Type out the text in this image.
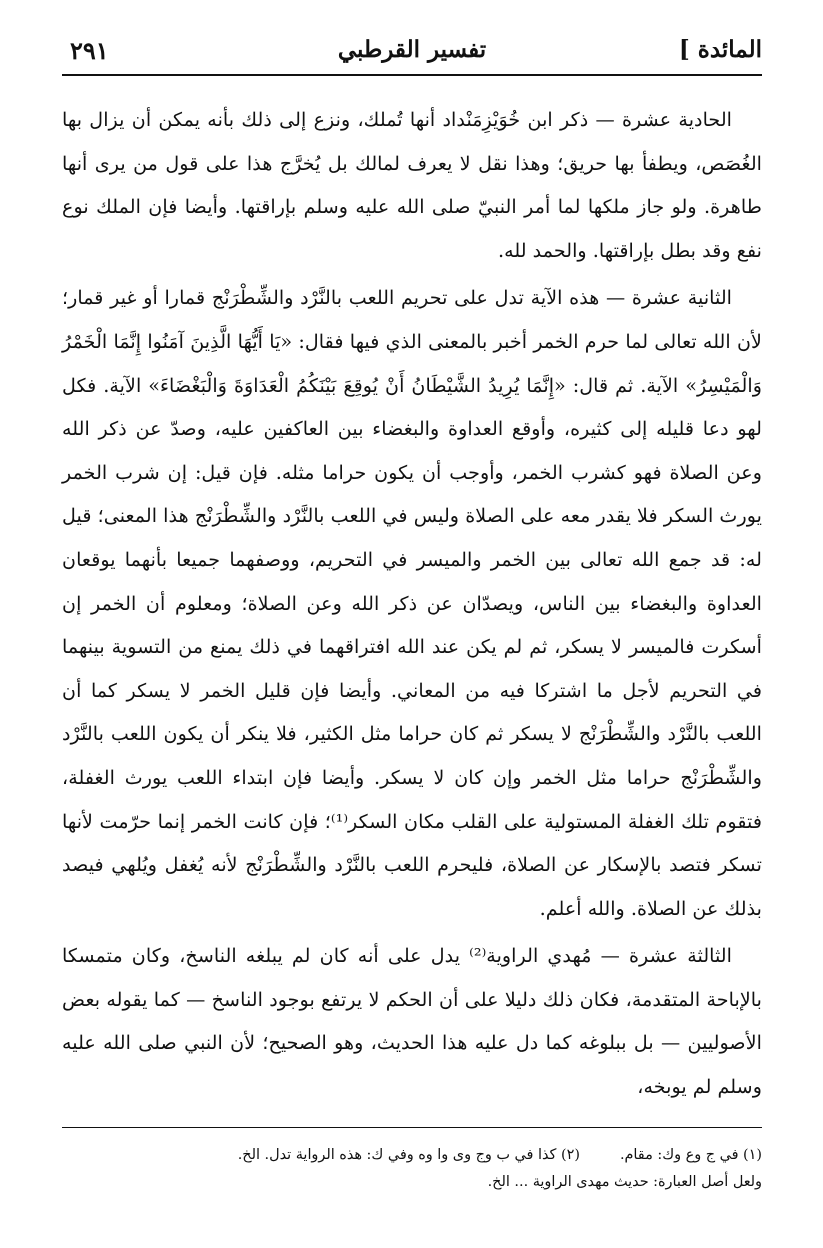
المائدة ]
تفسير القرطبي
٢٩١

الحادية عشرة — ذكر ابن خُوَيْزِمَنْداد أنها تُملك، ونزع إلى ذلك بأنه يمكن أن يزال بها الغُصَص، ويطفأ بها حريق؛ وهذا نقل لا يعرف لمالك بل يُخرَّج هذا على قول من يرى أنها طاهرة. ولو جاز ملكها لما أمر النبيّ صلى الله عليه وسلم بإراقتها. وأيضا فإن الملك نوع نفع وقد بطل بإراقتها. والحمد لله.

الثانية عشرة — هذه الآية تدل على تحريم اللعب بالنَّرْد والشِّطْرَنْج قمارا أو غير قمار؛ لأن الله تعالى لما حرم الخمر أخبر بالمعنى الذي فيها فقال: «يَا أَيُّهَا الَّذِينَ آمَنُوا إِنَّمَا الْخَمْرُ وَالْمَيْسِرُ» الآية. ثم قال: «إِنَّمَا يُرِيدُ الشَّيْطَانُ أَنْ يُوقِعَ بَيْنَكُمُ الْعَدَاوَةَ وَالْبَغْضَاءَ» الآية. فكل لهو دعا قليله إلى كثيره، وأوقع العداوة والبغضاء بين العاكفين عليه، وصدّ عن ذكر الله وعن الصلاة فهو كشرب الخمر، وأوجب أن يكون حراما مثله. فإن قيل: إن شرب الخمر يورث السكر فلا يقدر معه على الصلاة وليس في اللعب بالنَّرْد والشِّطْرَنْج هذا المعنى؛ قيل له: قد جمع الله تعالى بين الخمر والميسر في التحريم، ووصفهما جميعا بأنهما يوقعان العداوة والبغضاء بين الناس، ويصدّان عن ذكر الله وعن الصلاة؛ ومعلوم أن الخمر إن أسكرت فالميسر لا يسكر، ثم لم يكن عند الله افتراقهما في ذلك يمنع من التسوية بينهما في التحريم لأجل ما اشتركا فيه من المعاني. وأيضا فإن قليل الخمر لا يسكر كما أن اللعب بالنَّرْد والشِّطْرَنْج لا يسكر ثم كان حراما مثل الكثير، فلا ينكر أن يكون اللعب بالنَّرْد والشِّطْرَنْج حراما مثل الخمر وإن كان لا يسكر. وأيضا فإن ابتداء اللعب يورث الغفلة، فتقوم تلك الغفلة المستولية على القلب مكان السكر⁽¹⁾؛ فإن كانت الخمر إنما حرّمت لأنها تسكر فتصد بالإسكار عن الصلاة، فليحرم اللعب بالنَّرْد والشِّطْرَنْج لأنه يُغفل ويُلهي فيصد بذلك عن الصلاة. والله أعلم.

الثالثة عشرة — مُهدي الراوية⁽²⁾ يدل على أنه كان لم يبلغه الناسخ، وكان متمسكا بالإباحة المتقدمة، فكان ذلك دليلا على أن الحكم لا يرتفع بوجود الناسخ — كما يقوله بعض الأصوليين — بل ببلوغه كما دل عليه هذا الحديث، وهو الصحيح؛ لأن النبي صلى الله عليه وسلم لم يوبخه،

(١) في ج وع وك: مقام.
(٢) كذا في ب وج وى وا وه وفي ك: هذه الرواية تدل. الخ.
ولعل أصل العبارة: حديث مهدى الراوية ... الخ.
